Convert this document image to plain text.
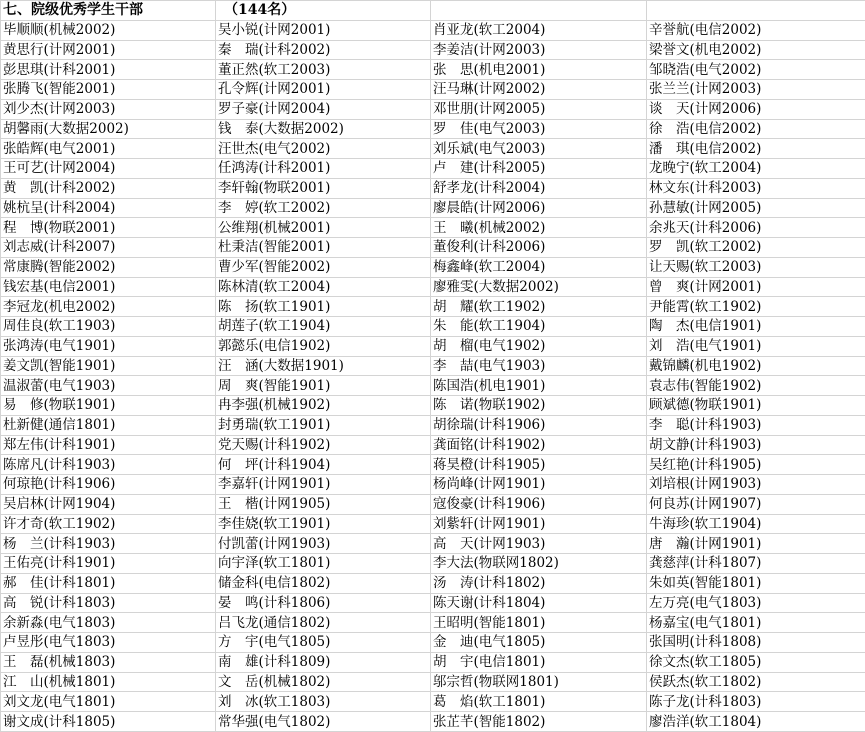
七、院级优秀学生干部	（144名）		
毕顺顺(机械2002)	吴小锐(计网2001)	肖亚龙(软工2004)	辛誉航(电信2002)
黄思行(计网2001)	秦　瑞(计科2002)	李姜洁(计网2003)	梁誉文(机电2002)
彭思琪(计科2001)	董正然(软工2003)	张　思(机电2001)	邹晓浩(电气2002)
张腾飞(智能2001)	孔令辉(计网2001)	汪马琳(计网2002)	张兰兰(计网2003)
刘少杰(计网2003)	罗子豪(计网2004)	邓世朋(计网2005)	谈　天(计网2006)
胡馨雨(大数据2002)	钱　泰(大数据2002)	罗　佳(电气2003)	徐　浩(电信2002)
张皓辉(电气2001)	汪世杰(电气2002)	刘乐斌(电气2003)	潘　琪(电信2002)
王可艺(计网2004)	任鸿涛(计科2001)	卢　建(计科2005)	龙晚宁(软工2004)
黄　凯(计科2002)	李轩翰(物联2001)	舒孝龙(计科2004)	林文东(计科2003)
姚杭呈(计科2004)	李　婷(软工2002)	廖晨皓(计网2006)	孙慧敏(计网2005)
程　博(物联2001)	公维翔(机械2001)	王　曦(机械2002)	余兆天(计科2006)
刘志威(计科2007)	杜秉洁(智能2001)	董俊利(计科2006)	罗　凯(软工2002)
常康腾(智能2002)	曹少军(智能2002)	梅鑫峰(软工2004)	让天赐(软工2003)
钱宏基(电信2001)	陈林清(软工2004)	廖雅雯(大数据2002)	曾　爽(计网2001)
李冠龙(机电2002)	陈　扬(软工1901)	胡　耀(软工1902)	尹能霄(软工1902)
周佳良(软工1903)	胡莲子(软工1904)	朱　能(软工1904)	陶　杰(电信1901)
张鸿涛(电气1901)	郭懿乐(电信1902)	胡　榴(电气1902)	刘　浩(电气1901)
姜文凯(智能1901)	汪　涵(大数据1901)	李　喆(电气1903)	戴锦麟(机电1902)
温淑蕾(电气1903)	周　爽(智能1901)	陈国浩(机电1901)	袁志伟(智能1902)
易　修(物联1901)	冉李强(机械1902)	陈　诺(物联1902)	顾斌德(物联1901)
杜新健(通信1801)	封勇瑞(软工1901)	胡徐瑞(计科1906)	李　聪(计科1903)
郑左伟(计科1901)	党天赐(计科1902)	龚面铭(计科1902)	胡文静(计科1903)
陈席凡(计科1903)	何　坪(计科1904)	蒋昊橙(计科1905)	吴红艳(计科1905)
何琼艳(计科1906)	李嘉轩(计网1901)	杨尚峰(计网1901)	刘培根(计网1903)
吴启林(计网1904)	王　楷(计网1905)	寇俊豪(计科1906)	何良苏(计网1907)
许才奇(软工1902)	李佳娆(软工1901)	刘紫轩(计网1901)	牛海珍(软工1904)
杨　兰(计科1903)	付凯蕾(计网1903)	高　天(计网1903)	唐　瀚(计网1901)
王佑亮(计科1901)	向宇泽(软工1801)	李大法(物联网1802)	龚慈萍(计科1807)
郝　佳(计科1801)	储金科(电信1802)	汤　涛(计科1802)	朱如英(智能1801)
高　锐(计科1803)	晏　鸣(计科1806)	陈天谢(计科1804)	左万亮(电气1803)
余新淼(电气1803)	吕飞龙(通信1802)	王昭明(智能1801)	杨嘉宝(电气1801)
卢昱彤(电气1803)	方　宇(电气1805)	金　迪(电气1805)	张国明(计科1808)
王　磊(机械1803)	南　雄(计科1809)	胡　宇(电信1801)	徐文杰(软工1805)
江　山(机械1801)	文　岳(机械1802)	邬宗哲(物联网1801)	侯跃杰(软工1802)
刘文龙(电气1801)	刘　冰(软工1803)	葛　焰(软工1801)	陈子龙(计科1803)
谢文成(计科1805)	常华强(电气1802)	张芷芊(智能1802)	廖浩洋(软工1804)
